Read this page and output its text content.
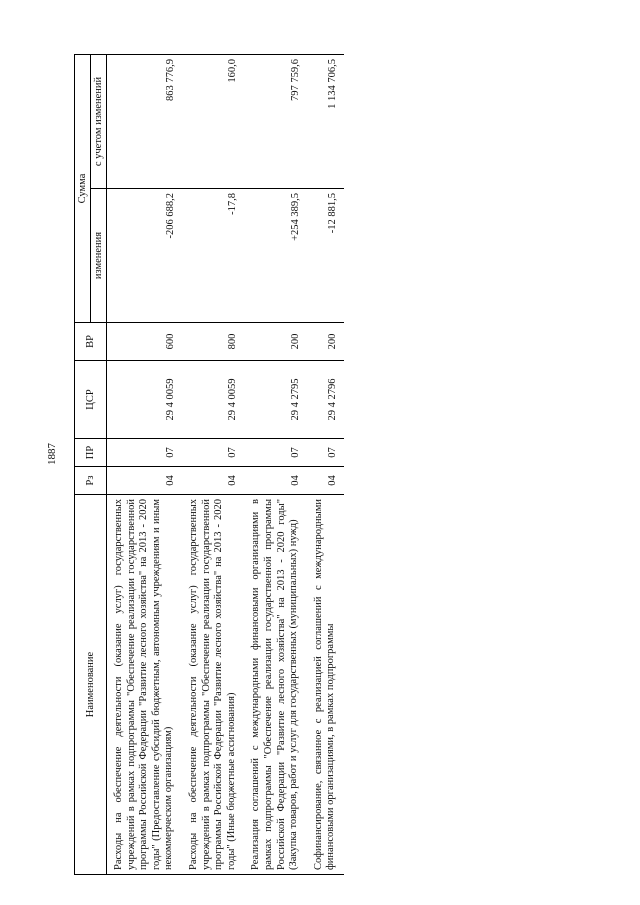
1887
Наименование	Рз	ПР	ЦСР	ВР	Сумма	
					изменения	с учетом изменений
Расходы на обеспечение деятельности (оказание услуг) государственных учреждений в рамках подпрограммы "Обеспечение реализации государственной программы Российской Федерации "Развитие лесного хозяйства" на 2013 - 2020 годы" (Предоставление субсидий бюджетным, автономным учреждениям и иным некоммерческим организациям)	04	07	29 4 0059	600	-206 688,2	863 776,9
Расходы на обеспечение деятельности (оказание услуг) государственных учреждений в рамках подпрограммы "Обеспечение реализации государственной программы Российской Федерации "Развитие лесного хозяйства" на 2013 - 2020 годы" (Иные бюджетные ассигнования)	04	07	29 4 0059	800	-17,8	160,0
Реализация соглашений с международными финансовыми организациями в рамках подпрограммы "Обеспечение реализации государственной программы Российской Федерации "Развитие лесного хозяйства" на 2013 - 2020 годы" (Закупка товаров, работ и услуг для государственных (муниципальных) нужд)	04	07	29 4 2795	200	+254 389,5	797 759,6
Софинансирование, связанное с реализацией соглашений с международными финансовыми организациями, в рамках подпрограммы	04	07	29 4 2796	200	-12 881,5	1 134 706,5
